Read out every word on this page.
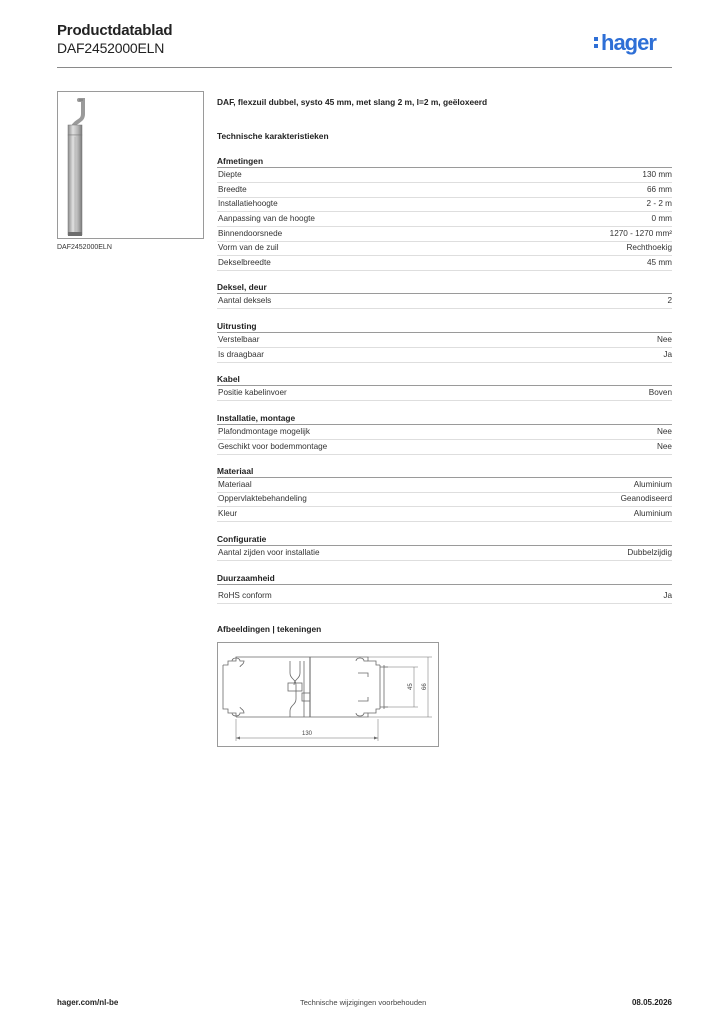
Productdatablad
DAF2452000ELN	hager
DAF2452000ELN
DAF, flexzuil dubbel, systo 45 mm, met slang 2 m, l=2 m, geëloxeerd
Technische karakteristieken
Afmetingen
Diepte	130 mm
Breedte	66 mm
Installatiehoogte	2 - 2 m
Aanpassing van de hoogte	0 mm
Binnendoorsnede	1270 - 1270 mm²
Vorm van de zuil	Rechthoekig
Dekselbreedte	45 mm
Deksel, deur
Aantal deksels	2
Uitrusting
Verstelbaar	Nee
Is draagbaar	Ja
Kabel
Positie kabelinvoer	Boven
Installatie, montage
Plafondmontage mogelijk	Nee
Geschikt voor bodemmontage	Nee
Materiaal
Materiaal	Aluminium
Oppervlaktebehandeling	Geanodiseerd
Kleur	Aluminium
Configuratie
Aantal zijden voor installatie	Dubbelzijdig
Duurzaamheid
RoHS conform	Ja
Afbeeldingen | tekeningen
130
45 66
hager.com/nl-be	Technische wijzigingen voorbehouden	08.05.2026
